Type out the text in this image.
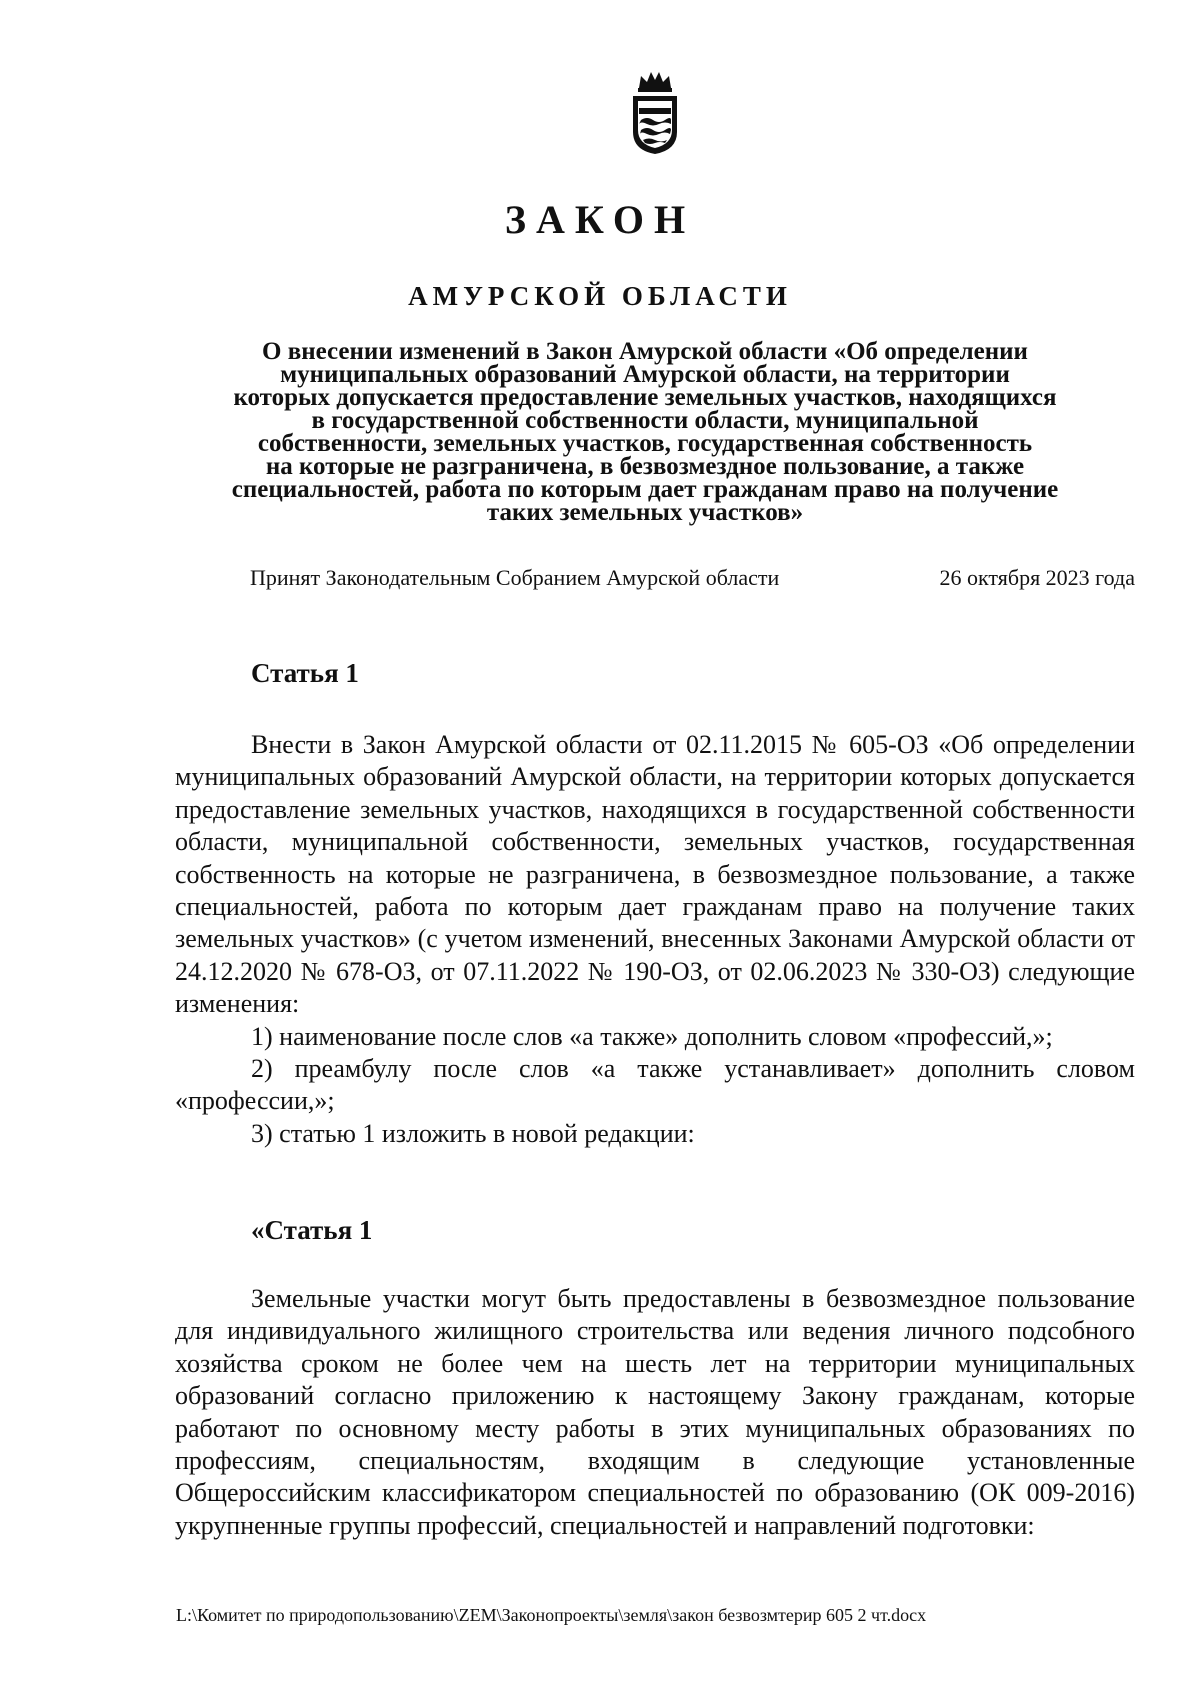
ЗАКОН
АМУРСКОЙ ОБЛАСТИ
О внесении изменений в Закон Амурской области «Об определении
муниципальных образований Амурской области, на территории
которых допускается предоставление земельных участков, находящихся
в государственной собственности области, муниципальной
собственности, земельных участков, государственная собственность
на которые не разграничена, в безвозмездное пользование, а также
специальностей, работа по которым дает гражданам право на получение
таких земельных участков»
Принят Законодательным Собранием Амурской области	26 октября 2023 года
Статья 1

Внести в Закон Амурской области от 02.11.2015 № 605-ОЗ «Об определении муниципальных образований Амурской области, на территории которых допускается предоставление земельных участков, находящихся в государственной собственности области, муниципальной собственности, земельных участков, государственная собственность на которые не разграничена, в безвозмездное пользование, а также специальностей, работа по которым дает гражданам право на получение таких земельных участков» (с учетом изменений, внесенных Законами Амурской области от 24.12.2020 № 678-ОЗ, от 07.11.2022 № 190-ОЗ, от 02.06.2023 № 330-ОЗ) следующие изменения:

1) наименование после слов «а также» дополнить словом «профессий,»;

2) преамбулу после слов «а также устанавливает» дополнить словом «профессии,»;

3) статью 1 изложить в новой редакции:

«Статья 1

Земельные участки могут быть предоставлены в безвозмездное пользование для индивидуального жилищного строительства или ведения личного подсобного хозяйства сроком не более чем на шесть лет на территории муниципальных образований согласно приложению к настоящему Закону гражданам, которые работают по основному месту работы в этих муниципальных образованиях по профессиям, специальностям, входящим в следующие установленные Общероссийским классификатором специальностей по образованию (ОК 009-2016) укрупненные группы профессий, специальностей и направлений подготовки:

L:\Комитет по природопользованию\ZEM\Законопроекты\земля\закон безвозмтерир 605 2 чт.docx
